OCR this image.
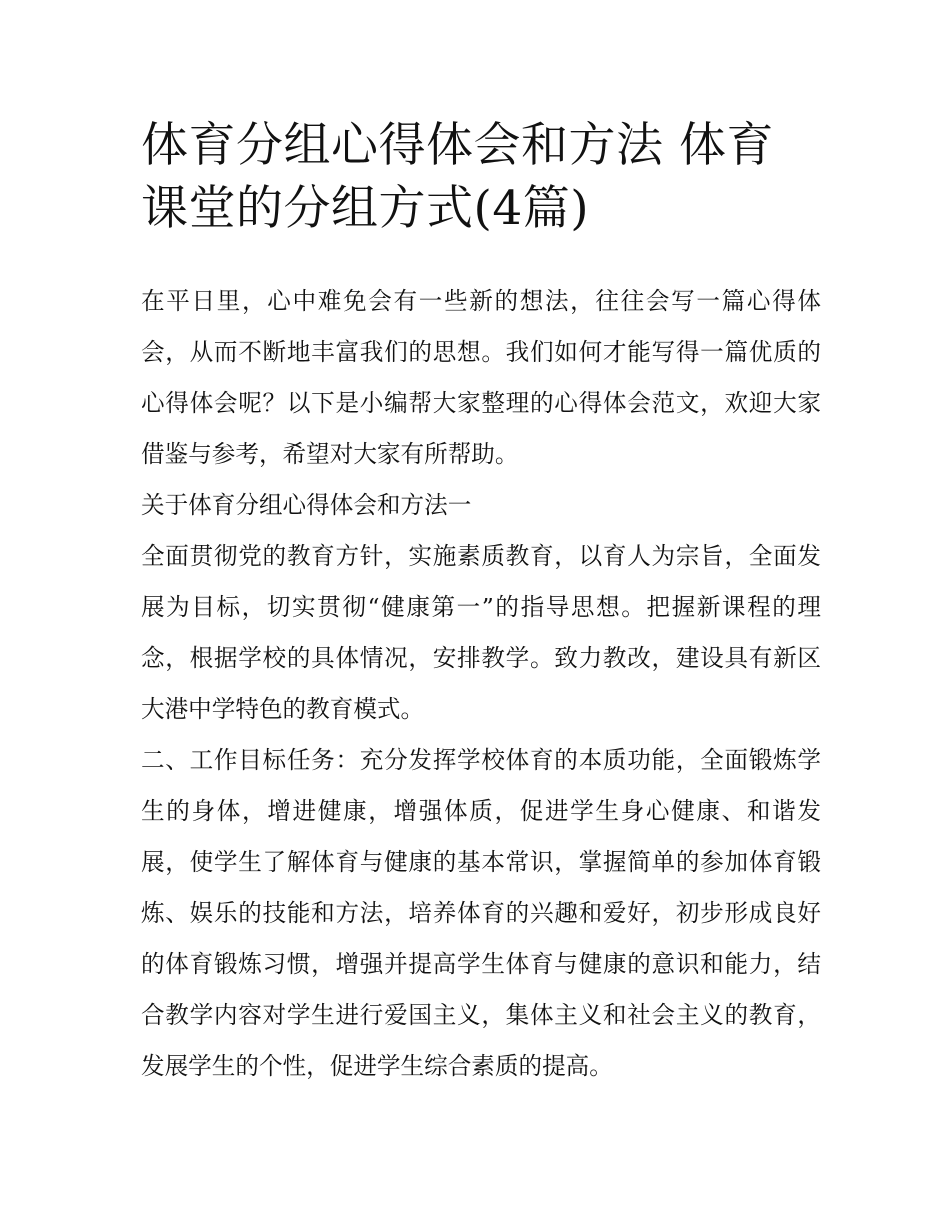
体育分组心得体会和方法 体育课堂的分组方式(4篇)

在平日里，心中难免会有一些新的想法，往往会写一篇心得体会，从而不断地丰富我们的思想。我们如何才能写得一篇优质的心得体会呢？以下是小编帮大家整理的心得体会范文，欢迎大家借鉴与参考，希望对大家有所帮助。

关于体育分组心得体会和方法一

全面贯彻党的教育方针，实施素质教育，以育人为宗旨，全面发展为目标，切实贯彻“健康第一”的指导思想。把握新课程的理念，根据学校的具体情况，安排教学。致力教改，建设具有新区大港中学特色的教育模式。

二、工作目标任务：充分发挥学校体育的本质功能，全面锻炼学生的身体，增进健康，增强体质，促进学生身心健康、和谐发展，使学生了解体育与健康的基本常识，掌握简单的参加体育锻炼、娱乐的技能和方法，培养体育的兴趣和爱好，初步形成良好的体育锻炼习惯，增强并提高学生体育与健康的意识和能力，结合教学内容对学生进行爱国主义，集体主义和社会主义的教育，发展学生的个性，促进学生综合素质的提高。
